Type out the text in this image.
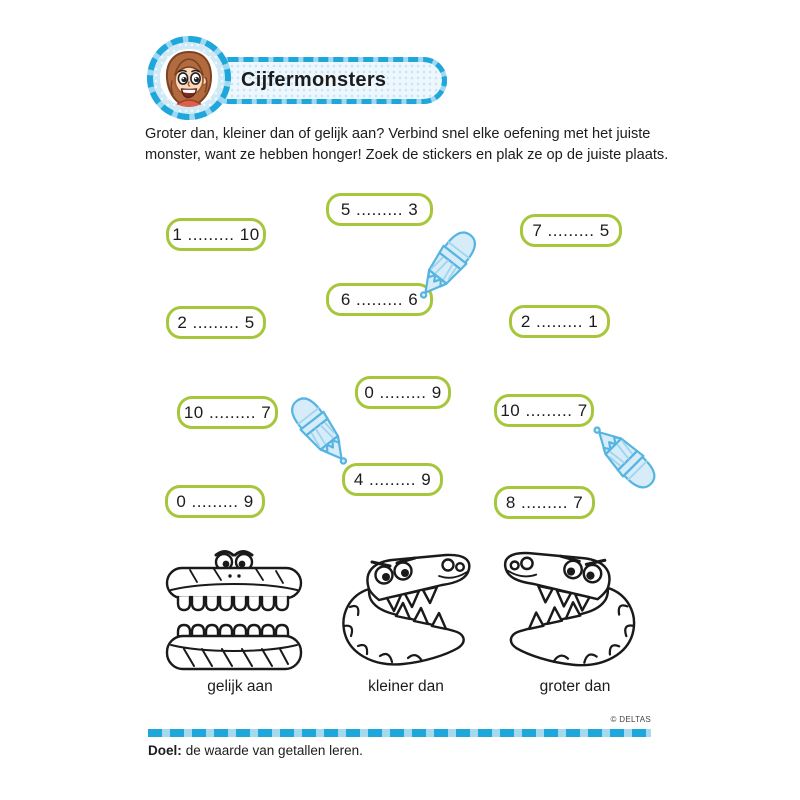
Cijfermonsters
Groter dan, kleiner dan of gelijk aan? Verbind snel elke oefening met het juiste
monster, want ze hebben honger! Zoek de stickers en plak ze op de juiste plaats.
1 ......... 10
5 ......... 3
7 ......... 5
6 ......... 6
2 ......... 5	2 ......... 1
0 ......... 9
10 ......... 7	10 ......... 7
4 ......... 9
0 ......... 9	8 ......... 7
gelijk aan	kleiner dan	groter dan
© DELTAS
Doel: de waarde van getallen leren.
